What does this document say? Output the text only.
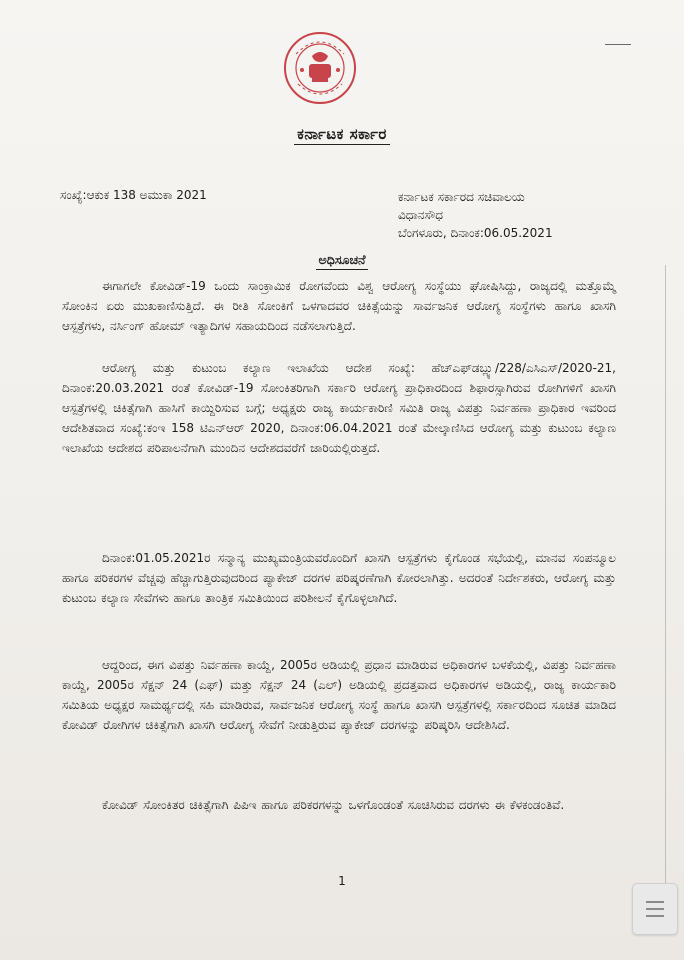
ಕರ್ನಾಟಕ ಸರ್ಕಾರ
ಸಂಖ್ಯೆ:ಆಕುಕ 138 ಅಮುಕಾ 2021	ಕರ್ನಾಟಕ ಸರ್ಕಾರದ ಸಚಿವಾಲಯ
ವಿಧಾನಸೌಧ
ಬೆಂಗಳೂರು, ದಿನಾಂಕ:06.05.2021
ಅಧಿಸೂಚನೆ
ಈಗಾಗಲೇ ಕೋವಿಡ್-19 ಒಂದು ಸಾಂಕ್ರಾಮಿಕ ರೋಗವೆಂದು ವಿಶ್ವ ಆರೋಗ್ಯ ಸಂಸ್ಥೆಯು ಘೋಷಿಸಿದ್ದು, ರಾಜ್ಯದಲ್ಲಿ ಮತ್ತೊಮ್ಮೆ ಸೋಂಕಿನ ಏರು ಮುಖಕಾಣಿಸುತ್ತಿದೆ. ಈ ರೀತಿ ಸೋಂಕಿಗೆ ಒಳಗಾದವರ ಚಿಕಿತ್ಸೆಯನ್ನು ಸಾರ್ವಜನಿಕ ಆರೋಗ್ಯ ಸಂಸ್ಥೆಗಳು ಹಾಗೂ ಖಾಸಗಿ ಆಸ್ಪತ್ರೆಗಳು, ನರ್ಸಿಂಗ್ ಹೋಮ್ ಇತ್ಯಾದಿಗಳ ಸಹಾಯದಿಂದ ನಡೆಸಲಾಗುತ್ತಿದೆ.
ಆರೋಗ್ಯ ಮತ್ತು ಕುಟುಂಬ ಕಲ್ಯಾಣ ಇಲಾಖೆಯ ಆದೇಶ ಸಂಖ್ಯೆ: ಹೆಚ್‌ಎಫ್‌ಡಬ್ಲ್ಯು/228/ಎಸಿಎಸ್/2020-21, ದಿನಾಂಕ:20.03.2021 ರಂತೆ ಕೋವಿಡ್-19 ಸೋಂಕಿತರಿಗಾಗಿ ಸರ್ಕಾರಿ ಆರೋಗ್ಯ ಪ್ರಾಧಿಕಾರದಿಂದ ಶಿಫಾರಸ್ಸಾಗಿರುವ ರೋಗಿಗಳಿಗೆ ಖಾಸಗಿ ಆಸ್ಪತ್ರೆಗಳಲ್ಲಿ ಚಿಕಿತ್ಸೆಗಾಗಿ ಹಾಸಿಗೆ ಕಾಯ್ದಿರಿಸುವ ಬಗ್ಗೆ; ಅಧ್ಯಕ್ಷರು ರಾಜ್ಯ ಕಾರ್ಯಕಾರಿಣಿ ಸಮಿತಿ ರಾಜ್ಯ ವಿಪತ್ತು ನಿರ್ವಹಣಾ ಪ್ರಾಧಿಕಾರ ಇವರಿಂದ ಆದೇಶಿತವಾದ ಸಂಖ್ಯೆ:ಕಂಇ 158 ಟಿಎನ್‌ಆರ್ 2020, ದಿನಾಂಕ:06.04.2021 ರಂತೆ ಮೇಲ್ಕಾಣಿಸಿದ ಆರೋಗ್ಯ ಮತ್ತು ಕುಟುಂಬ ಕಲ್ಯಾಣ ಇಲಾಖೆಯ ಆದೇಶದ ಪರಿಪಾಲನೆಗಾಗಿ ಮುಂದಿನ ಆದೇಶದವರೆಗೆ ಜಾರಿಯಲ್ಲಿರುತ್ತದೆ.
ದಿನಾಂಕ:01.05.2021ರ ಸನ್ಮಾನ್ಯ ಮುಖ್ಯಮಂತ್ರಿಯವರೊಂದಿಗೆ ಖಾಸಗಿ ಆಸ್ಪತ್ರೆಗಳು ಕೈಗೊಂಡ ಸಭೆಯಲ್ಲಿ, ಮಾನವ ಸಂಪನ್ಮೂಲ ಹಾಗೂ ಪರಿಕರಗಳ ವೆಚ್ಚವು ಹೆಚ್ಚಾಗುತ್ತಿರುವುದರಿಂದ ಪ್ಯಾಕೇಜ್ ದರಗಳ ಪರಿಷ್ಕರಣೆಗಾಗಿ ಕೋರಲಾಗಿತ್ತು. ಅದರಂತೆ ನಿರ್ದೇಶಕರು, ಆರೋಗ್ಯ ಮತ್ತು ಕುಟುಂಬ ಕಲ್ಯಾಣ ಸೇವೆಗಳು ಹಾಗೂ ತಾಂತ್ರಿಕ ಸಮಿತಿಯಿಂದ ಪರಿಶೀಲನೆ ಕೈಗೊಳ್ಳಲಾಗಿದೆ.
ಆದ್ದರಿಂದ, ಈಗ ವಿಪತ್ತು ನಿರ್ವಹಣಾ ಕಾಯ್ದೆ, 2005ರ ಅಡಿಯಲ್ಲಿ ಪ್ರಧಾನ ಮಾಡಿರುವ ಅಧಿಕಾರಗಳ ಬಳಕೆಯಲ್ಲಿ, ವಿಪತ್ತು ನಿರ್ವಹಣಾ ಕಾಯ್ದೆ, 2005ರ ಸೆಕ್ಷನ್ 24 (ಎಫ್) ಮತ್ತು ಸೆಕ್ಷನ್ 24 (ಎಲ್) ಅಡಿಯಲ್ಲಿ ಪ್ರದತ್ತವಾದ ಅಧಿಕಾರಗಳ ಅಡಿಯಲ್ಲಿ, ರಾಜ್ಯ ಕಾರ್ಯಕಾರಿ ಸಮಿತಿಯ ಅಧ್ಯಕ್ಷರ ಸಾಮರ್ಥ್ಯದಲ್ಲಿ ಸಹಿ ಮಾಡಿರುವ, ಸಾರ್ವಜನಿಕ ಆರೋಗ್ಯ ಸಂಸ್ಥೆ ಹಾಗೂ ಖಾಸಗಿ ಆಸ್ಪತ್ರೆಗಳಲ್ಲಿ ಸರ್ಕಾರದಿಂದ ಸೂಚಿತ ಮಾಡಿದ ಕೋವಿಡ್ ರೋಗಿಗಳ ಚಿಕಿತ್ಸೆಗಾಗಿ ಖಾಸಗಿ ಆರೋಗ್ಯ ಸೇವೆಗೆ ನೀಡುತ್ತಿರುವ ಪ್ಯಾಕೇಜ್ ದರಗಳನ್ನು ಪರಿಷ್ಕರಿಸಿ ಆದೇಶಿಸಿದೆ.
ಕೋವಿಡ್ ಸೋಂಕಿತರ ಚಿಕಿತ್ಸೆಗಾಗಿ ಪಿಪಿಇ ಹಾಗೂ ಪರಿಕರಗಳನ್ನು ಒಳಗೊಂಡಂತೆ ಸೂಚಿಸಿರುವ ದರಗಳು ಈ ಕೆಳಕಂಡಂತಿವೆ.
1
